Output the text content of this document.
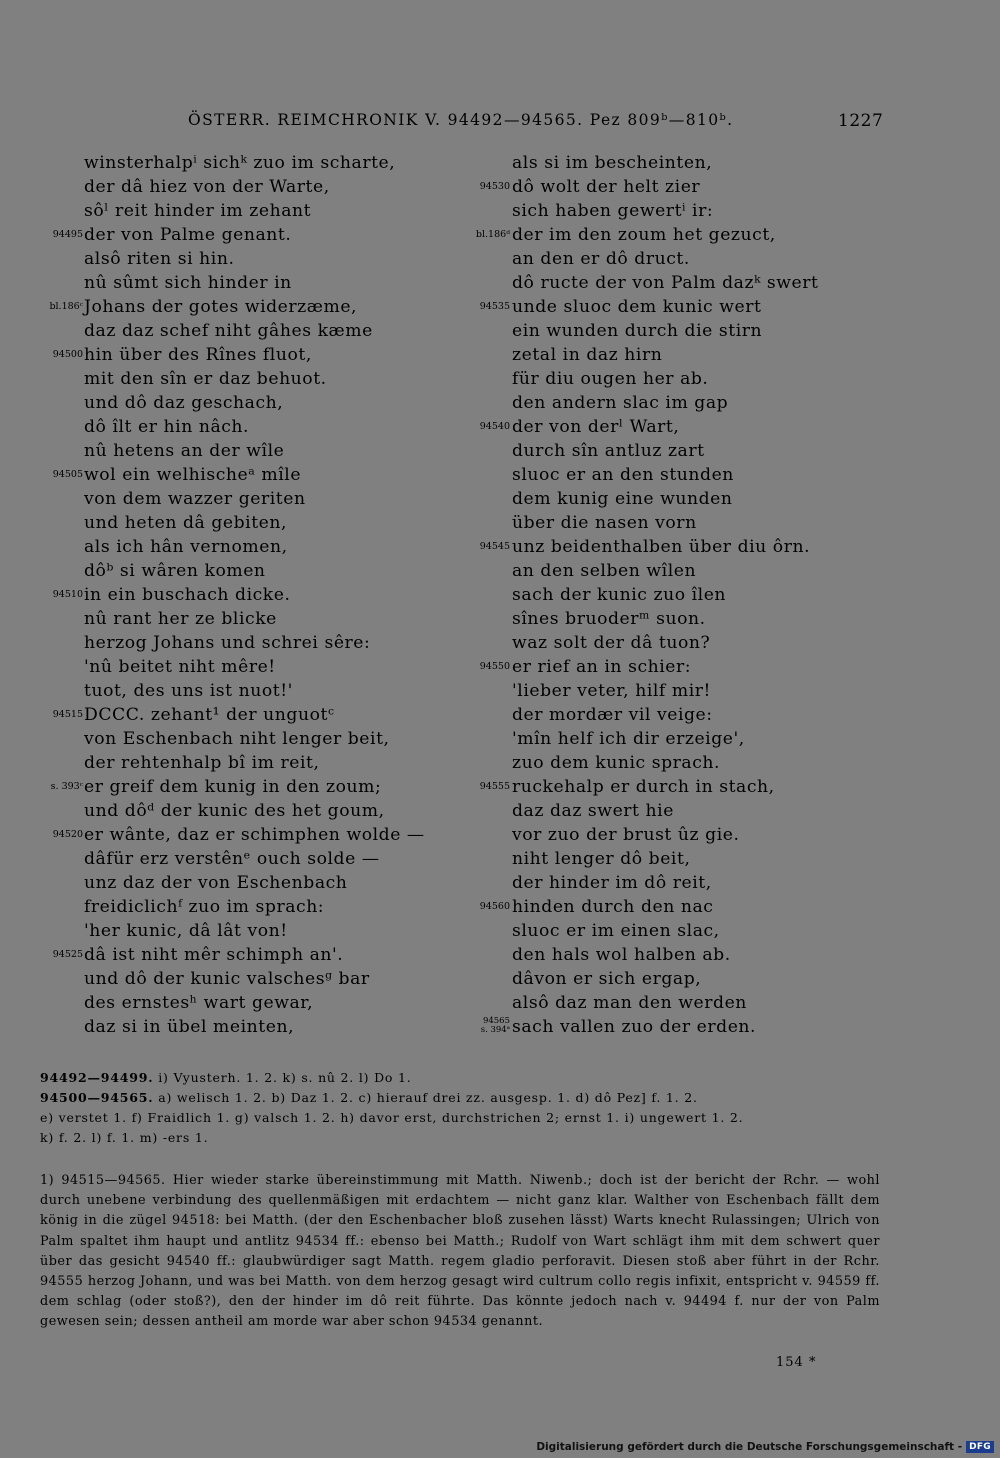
ÖSTERR. REIMCHRONIK V. 94492—94565. Pez 809ᵇ—810ᵇ.	1227
winsterhalpⁱ sichᵏ zuo im scharte,
der dâ hiez von der Warte,
sôˡ reit hinder im zehant
94495 der von Palme genant.
alsô riten si hin.
nû sûmt sich hinder in
bl.186ᶜ Johans der gotes widerzæme,
daz daz schef niht gâhes kæme
94500 hin über des Rînes fluot,
mit den sîn er daz behuot.
und dô daz geschach,
dô îlt er hin nâch.
nû hetens an der wîle
94505 wol ein welhischeᵃ mîle
von dem wazzer geriten
und heten dâ gebiten,
als ich hân vernomen,
dôᵇ si wâren komen
94510 in ein buschach dicke.
nû rant her ze blicke
herzog Johans und schrei sêre:
'nû beitet niht mêre!
tuot, des uns ist nuot!'
94515 DCCC. zehant¹ der unguotᶜ
von Eschenbach niht lenger beit,
der rehtenhalp bî im reit,
s. 393ᶜ er greif dem kunig in den zoum;
und dôᵈ der kunic des het goum,
94520 er wânte, daz er schimphen wolde —
dâfür erz verstênᵉ ouch solde —
unz daz der von Eschenbach
freidiclichᶠ zuo im sprach:
'her kunic, dâ lât von!
94525 dâ ist niht mêr schimph an'.
und dô der kunic valschesᵍ bar
des ernstesʰ wart gewar,
daz si in übel meinten,
als si im bescheinten,
94530 dô wolt der helt zier
sich haben gewertⁱ ir:
bl.186ᵈ der im den zoum het gezuct,
an den er dô druct.
dô ructe der von Palm dazᵏ swert
94535 unde sluoc dem kunic wert
ein wunden durch die stirn
zetal in daz hirn
für diu ougen her ab.
den andern slac im gap
94540 der von derˡ Wart,
durch sîn antluz zart
sluoc er an den stunden
dem kunig eine wunden
über die nasen vorn
94545 unz beidenthalben über diu ôrn.
an den selben wîlen
sach der kunic zuo îlen
sînes bruoderᵐ suon.
waz solt der dâ tuon?
94550 er rief an in schier:
'lieber veter, hilf mir!
der mordær vil veige:
'mîn helf ich dir erzeige',
zuo dem kunic sprach.
94555 ruckehalp er durch in stach,
daz daz swert hie
vor zuo der brust ûz gie.
niht lenger dô beit,
der hinder im dô reit,
94560 hinden durch den nac
sluoc er im einen slac,
den hals wol halben ab.
dâvon er sich ergap,
alsô daz man den werden
94565
s. 394ᵃ sach vallen zuo der erden.
94492—94499. i) Vyusterh. 1. 2. k) s. nû 2. l) Do 1.
94500—94565. a) welisch 1. 2. b) Daz 1. 2. c) hierauf drei zz. ausgesp. 1. d) dô Pez] f. 1. 2.
e) verstet 1. f) Fraidlich 1. g) valsch 1. 2. h) davor erst, durchstrichen 2; ernst 1. i) ungewert 1. 2.
k) f. 2. l) f. 1. m) -ers 1.
1) 94515—94565. Hier wieder starke übereinstimmung mit Matth. Niwenb.; doch ist der bericht der Rchr. — wohl durch unebene verbindung des quellenmäßigen mit erdachtem — nicht ganz klar. Walther von Eschenbach fällt dem könig in die zügel 94518: bei Matth. (der den Eschenbacher bloß zusehen lässt) Warts knecht Rulassingen; Ulrich von Palm spaltet ihm haupt und antlitz 94534 ff.: ebenso bei Matth.; Rudolf von Wart schlägt ihm mit dem schwert quer über das gesicht 94540 ff.: glaubwürdiger sagt Matth. regem gladio perforavit. Diesen stoß aber führt in der Rchr. 94555 herzog Johann, und was bei Matth. von dem herzog gesagt wird cultrum collo regis infixit, entspricht v. 94559 ff. dem schlag (oder stoß?), den der hinder im dô reit führte. Das könnte jedoch nach v. 94494 f. nur der von Palm gewesen sein; dessen antheil am morde war aber schon 94534 genannt.
154 *
Digitalisierung gefördert durch die Deutsche Forschungsgemeinschaft - DFG
